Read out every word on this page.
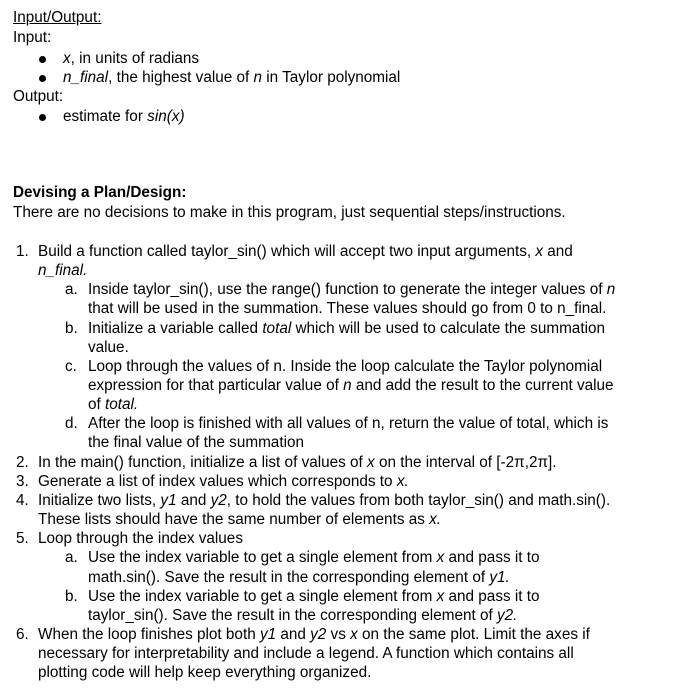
Input/Output:
Input:
x, in units of radians
n_final, the highest value of n in Taylor polynomial
Output:
estimate for sin(x)
Devising a Plan/Design:
There are no decisions to make in this program, just sequential steps/instructions.
1. Build a function called taylor_sin() which will accept two input arguments, x and
n_final.
a. Inside taylor_sin(), use the range() function to generate the integer values of n
that will be used in the summation. These values should go from 0 to n_final.
b. Initialize a variable called total which will be used to calculate the summation
value.
c. Loop through the values of n. Inside the loop calculate the Taylor polynomial
expression for that particular value of n and add the result to the current value
of total.
d. After the loop is finished with all values of n, return the value of total, which is
the final value of the summation
2. In the main() function, initialize a list of values of x on the interval of [-2π,2π].
3. Generate a list of index values which corresponds to x.
4. Initialize two lists, y1 and y2, to hold the values from both taylor_sin() and math.sin().
These lists should have the same number of elements as x.
5. Loop through the index values
a. Use the index variable to get a single element from x and pass it to
math.sin(). Save the result in the corresponding element of y1.
b. Use the index variable to get a single element from x and pass it to
taylor_sin(). Save the result in the corresponding element of y2.
6. When the loop finishes plot both y1 and y2 vs x on the same plot. Limit the axes if
necessary for interpretability and include a legend. A function which contains all
plotting code will help keep everything organized.
